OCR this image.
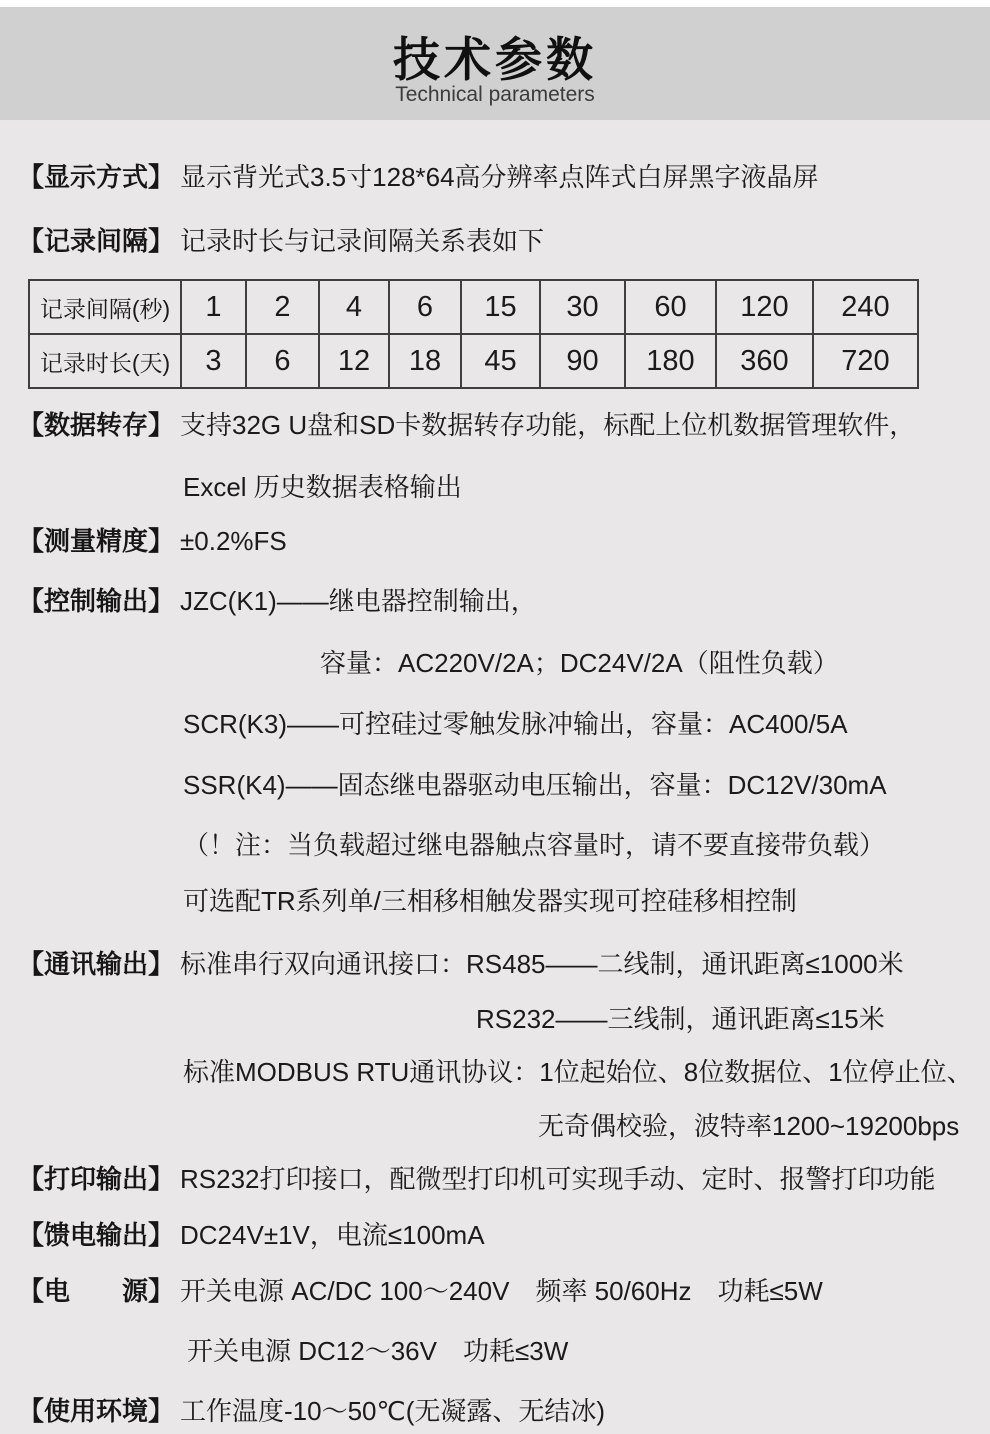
技术参数
Technical parameters
【显示方式】 显示背光式3.5寸128*64高分辨率点阵式白屏黑字液晶屏
【记录间隔】 记录时长与记录间隔关系表如下
记录间隔(秒)	1	2	4	6	15	30	60	120	240
记录时长(天)	3	6	12	18	45	90	180	360	720
【数据转存】 支持32G U盘和SD卡数据转存功能，标配上位机数据管理软件，
Excel 历史数据表格输出
【测量精度】 ±0.2%FS
【控制输出】 JZC(K1)——继电器控制输出，
容量：AC220V/2A；DC24V/2A（阻性负载）
SCR(K3)——可控硅过零触发脉冲输出，容量：AC400/5A
SSR(K4)——固态继电器驱动电压输出，容量：DC12V/30mA
（！注：当负载超过继电器触点容量时，请不要直接带负载）
可选配TR系列单/三相移相触发器实现可控硅移相控制
【通讯输出】 标准串行双向通讯接口：RS485——二线制，通讯距离≤1000米
RS232——三线制，通讯距离≤15米
标准MODBUS RTU通讯协议：1位起始位、8位数据位、1位停止位、
无奇偶校验，波特率1200~19200bps
【打印输出】 RS232打印接口，配微型打印机可实现手动、定时、报警打印功能
【馈电输出】 DC24V±1V，电流≤100mA
【电　　源】 开关电源 AC/DC 100～240V　频率 50/60Hz　功耗≤5W
开关电源 DC12～36V　功耗≤3W
【使用环境】 工作温度-10～50℃(无凝露、无结冰)
